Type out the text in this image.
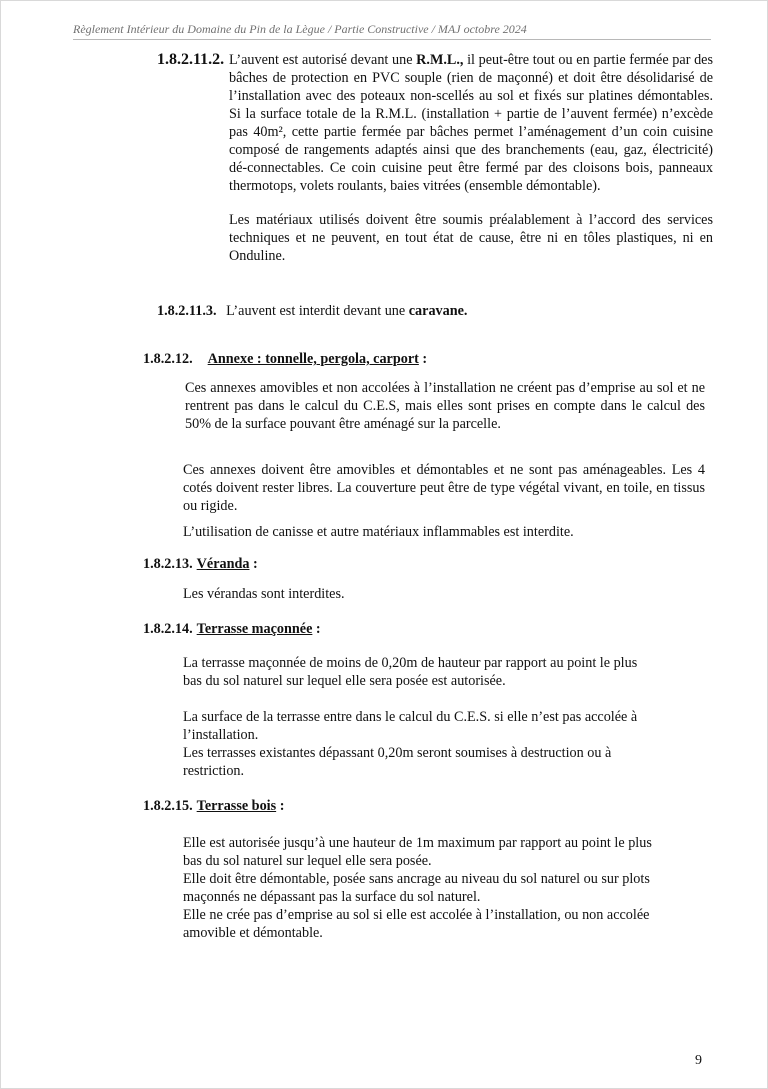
Règlement Intérieur du Domaine du Pin de la Lègue / Partie Constructive / MAJ octobre 2024
1.8.2.11.2. L’auvent est autorisé devant une R.M.L., il peut-être tout ou en partie fermée par des bâches de protection en PVC souple (rien de maçonné) et doit être désolidarisé de l’installation avec des poteaux non-scellés au sol et fixés sur platines démontables. Si la surface totale de la R.M.L. (installation + partie de l’auvent fermée) n’excède pas 40m², cette partie fermée par bâches permet l’aménagement d’un coin cuisine composé de rangements adaptés ainsi que des branchements (eau, gaz, électricité) dé-connectables. Ce coin cuisine peut être fermé par des cloisons bois, panneaux thermotops, volets roulants, baies vitrées (ensemble démontable).
Les matériaux utilisés doivent être soumis préalablement à l’accord des services techniques et ne peuvent, en tout état de cause, être ni en tôles plastiques, ni en Onduline.
1.8.2.11.3. L’auvent est interdit devant une caravane.
1.8.2.12. Annexe : tonnelle, pergola, carport :
Ces annexes amovibles et non accolées à l’installation ne créent pas d’emprise au sol et ne rentrent pas dans le calcul du C.E.S, mais elles sont prises en compte dans le calcul des 50% de la surface pouvant être aménagé sur la parcelle.
Ces annexes doivent être amovibles et démontables et ne sont pas aménageables. Les 4 cotés doivent rester libres. La couverture peut être de type végétal vivant, en toile, en tissus ou rigide.
L’utilisation de canisse et autre matériaux inflammables est interdite.
1.8.2.13. Véranda :
Les vérandas sont interdites.
1.8.2.14. Terrasse maçonnée :
La terrasse maçonnée de moins de 0,20m de hauteur par rapport au point le plus
bas du sol naturel sur lequel elle sera posée est autorisée.
La surface de la terrasse entre dans le calcul du C.E.S. si elle n’est pas accolée à
l’installation.
Les terrasses existantes dépassant 0,20m seront soumises à destruction ou à
restriction.
1.8.2.15. Terrasse bois :
Elle est autorisée jusqu’à une hauteur de 1m maximum par rapport au point le plus
bas du sol naturel sur lequel elle sera posée.
Elle doit être démontable, posée sans ancrage au niveau du sol naturel ou sur plots
maçonnés ne dépassant pas la surface du sol naturel.
Elle ne crée pas d’emprise au sol si elle est accolée à l’installation, ou non accolée
amovible et démontable.
9
